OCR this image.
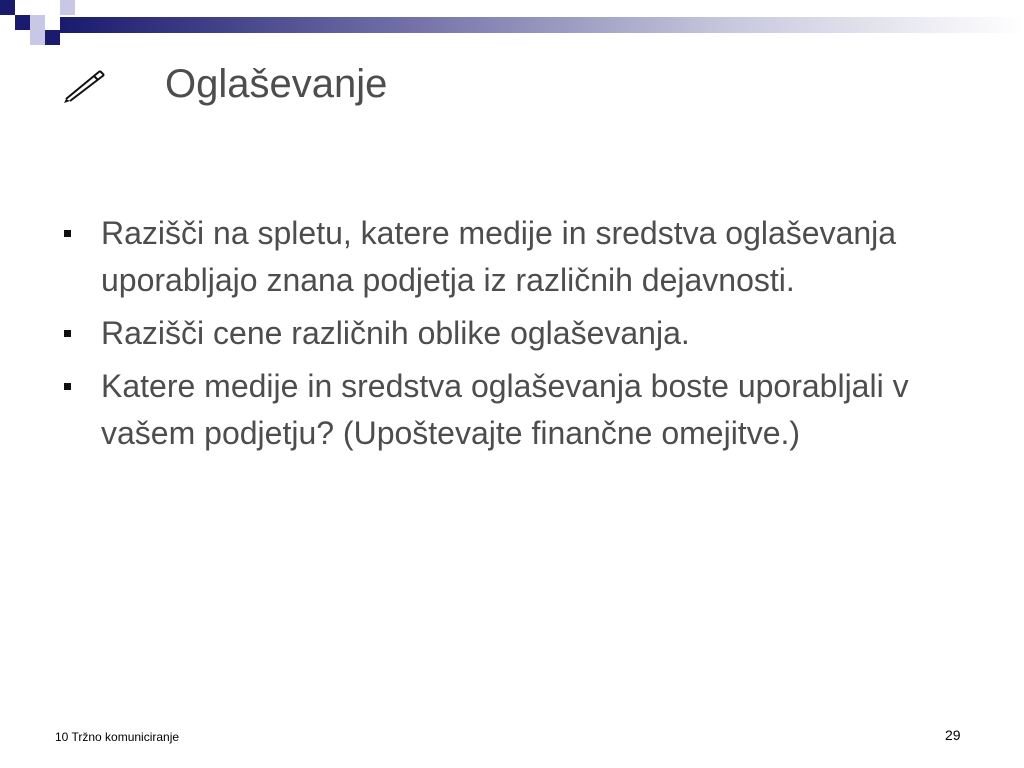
Oglaševanje
Razišči na spletu, katere medije in sredstva oglaševanja uporabljajo znana podjetja iz različnih dejavnosti.
Razišči cene različnih oblike oglaševanja.
Katere medije in sredstva oglaševanja boste uporabljali v vašem podjetju? (Upoštevajte finančne omejitve.)
10 Tržno komuniciranje	29
